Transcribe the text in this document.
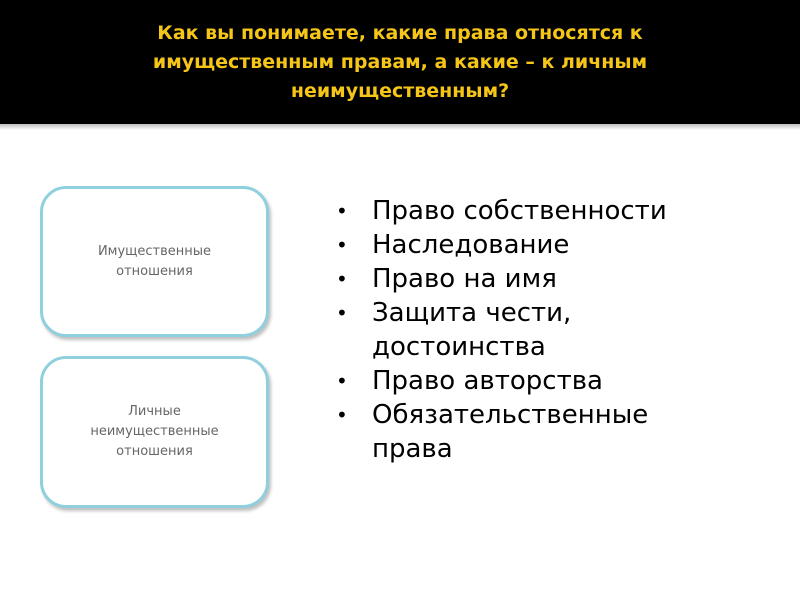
Как вы понимаете, какие права относятся к
имущественным правам, а какие – к личным
неимущественным?
Имущественные
отношения
Личные
неимущественные
отношения
• Право собственности
• Наследование
• Право на имя
• Защита чести,
достоинства
• Право авторства
• Обязательственные
права
